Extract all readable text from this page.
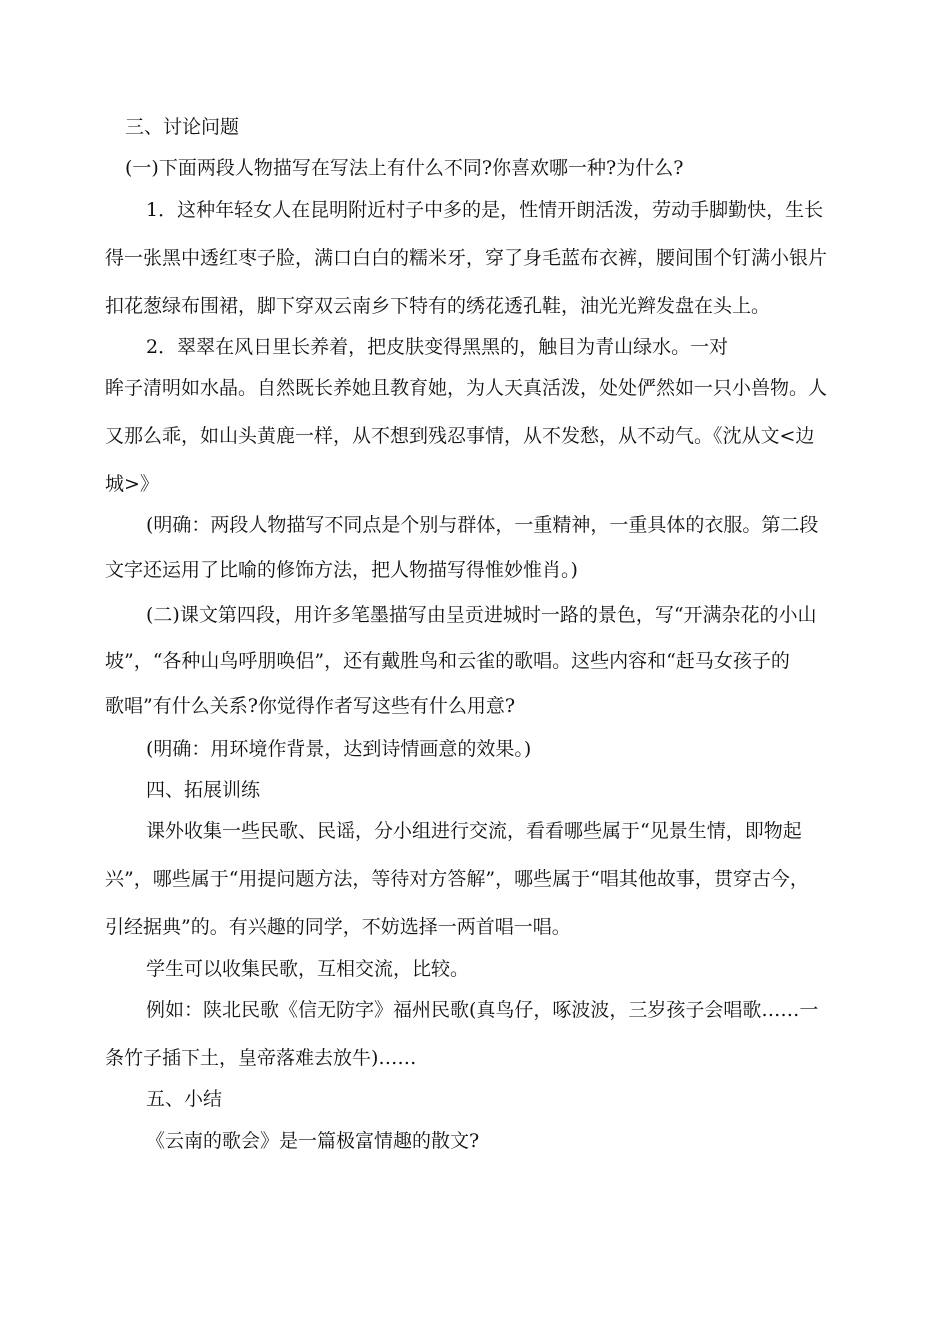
三、讨论问题
(一)下面两段人物描写在写法上有什么不同?你喜欢哪一种?为什么?
1．这种年轻女人在昆明附近村子中多的是，性情开朗活泼，劳动手脚勤快，生长
得一张黑中透红枣子脸，满口白白的糯米牙，穿了身毛蓝布衣裤，腰间围个钉满小银片
扣花葱绿布围裙，脚下穿双云南乡下特有的绣花透孔鞋，油光光辫发盘在头上。
2．翠翠在风日里长养着，把皮肤变得黑黑的，触目为青山绿水。一对
眸子清明如水晶。自然既长养她且教育她，为人天真活泼，处处俨然如一只小兽物。人
又那么乖，如山头黄鹿一样，从不想到残忍事情，从不发愁，从不动气。《沈从文<边
城>》
(明确：两段人物描写不同点是个别与群体，一重精神，一重具体的衣服。第二段
文字还运用了比喻的修饰方法，把人物描写得惟妙惟肖。)
(二)课文第四段，用许多笔墨描写由呈贡进城时一路的景色，写“开满杂花的小山
坡”，“各种山鸟呼朋唤侣”，还有戴胜鸟和云雀的歌唱。这些内容和“赶马女孩子的
歌唱”有什么关系?你觉得作者写这些有什么用意?
(明确：用环境作背景，达到诗情画意的效果。)
四、拓展训练
课外收集一些民歌、民谣，分小组进行交流，看看哪些属于“见景生情，即物起
兴”，哪些属于“用提问题方法，等待对方答解”，哪些属于“唱其他故事，贯穿古今，
引经据典”的。有兴趣的同学，不妨选择一两首唱一唱。
学生可以收集民歌，互相交流，比较。
例如：陕北民歌《信无防字》福州民歌(真鸟仔，啄波波，三岁孩子会唱歌……一
条竹子插下土，皇帝落难去放牛)……
五、小结
《云南的歌会》是一篇极富情趣的散文?
